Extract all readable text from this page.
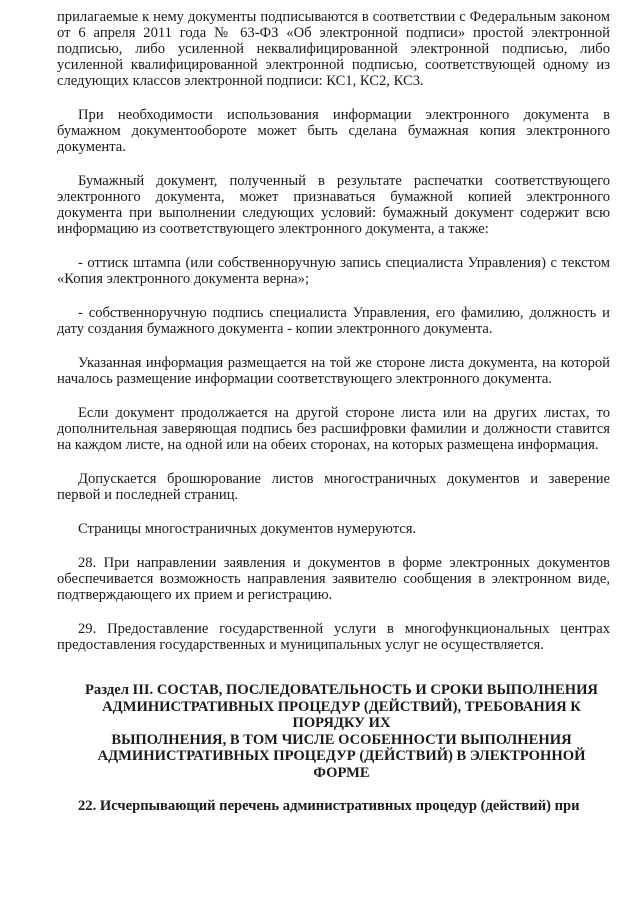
прилагаемые к нему документы подписываются в соответствии с Федеральным законом от 6 апреля 2011 года № 63-ФЗ «Об электронной подписи» простой электронной подписью, либо усиленной неквалифицированной электронной подписью, либо усиленной квалифицированной электронной подписью, соответствующей одному из следующих классов электронной подписи: КС1, КС2, КС3.

При необходимости использования информации электронного документа в бумажном документообороте может быть сделана бумажная копия электронного документа.

Бумажный документ, полученный в результате распечатки соответствующего электронного документа, может признаваться бумажной копией электронного документа при выполнении следующих условий: бумажный документ содержит всю информацию из соответствующего электронного документа, а также:

- оттиск штампа (или собственноручную запись специалиста Управления) с текстом «Копия электронного документа верна»;

- собственноручную подпись специалиста Управления, его фамилию, должность и дату создания бумажного документа - копии электронного документа.

Указанная информация размещается на той же стороне листа документа, на которой началось размещение информации соответствующего электронного документа.

Если документ продолжается на другой стороне листа или на других листах, то дополнительная заверяющая подпись без расшифровки фамилии и должности ставится на каждом листе, на одной или на обеих сторонах, на которых размещена информация.

Допускается брошюрование листов многостраничных документов и заверение первой и последней страниц.

Страницы многостраничных документов нумеруются.

28. При направлении заявления и документов в форме электронных документов обеспечивается возможность направления заявителю сообщения в электронном виде, подтверждающего их прием и регистрацию.

29. Предоставление государственной услуги в многофункциональных центрах предоставления государственных и муниципальных услуг не осуществляется.

Раздел III. СОСТАВ, ПОСЛЕДОВАТЕЛЬНОСТЬ И СРОКИ ВЫПОЛНЕНИЯ
АДМИНИСТРАТИВНЫХ ПРОЦЕДУР (ДЕЙСТВИЙ), ТРЕБОВАНИЯ К
ПОРЯДКУ ИХ
ВЫПОЛНЕНИЯ, В ТОМ ЧИСЛЕ ОСОБЕННОСТИ ВЫПОЛНЕНИЯ
АДМИНИСТРАТИВНЫХ ПРОЦЕДУР (ДЕЙСТВИЙ) В ЭЛЕКТРОННОЙ
ФОРМЕ
22. Исчерпывающий перечень административных процедур (действий) при
